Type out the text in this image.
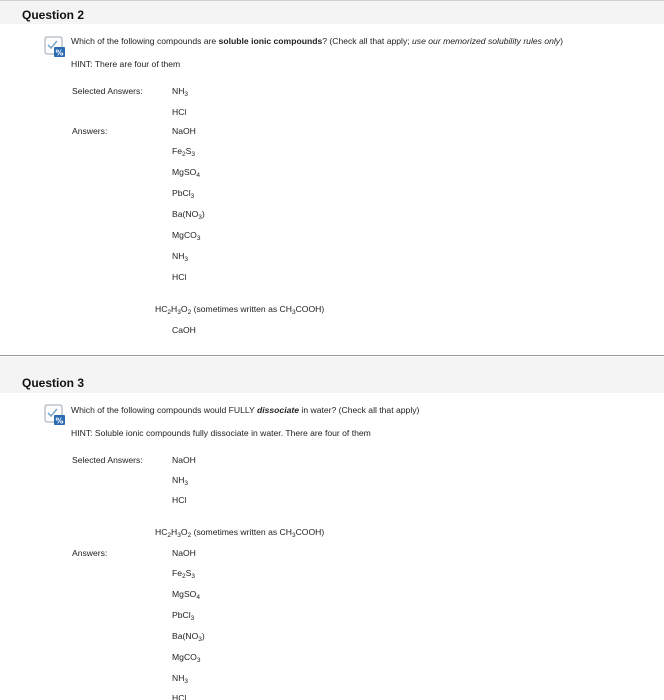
Question 2
%
Which of the following compounds are soluble ionic compounds? (Check all that apply; use our memorized solubility rules only)
HINT: There are four of them
Selected Answers:	$NH_3$
HCl
Answers:	NaOH
$Fe_2S_3$
MgSO$_4$
PbCl$_3$
$Ba(NO_3)$
MgCO$_3$
$NH_3$
HCl
$HC_2H_3O_2$ (sometimes written as $CH_3COOH$)
CaOH
Question 3
%
Which of the following compounds would FULLY dissociate in water? (Check all that apply)
HINT: Soluble ionic compounds fully dissociate in water. There are four of them
Selected Answers:	NaOH
$NH_3$
HCl
$HC_2H_3O_2$ (sometimes written as $CH_3COOH$)
Answers:	NaOH
$Fe_2S_3$
MgSO$_4$
PbCl$_3$
$Ba(NO_3)$
MgCO$_3$
$NH_3$
HCl
